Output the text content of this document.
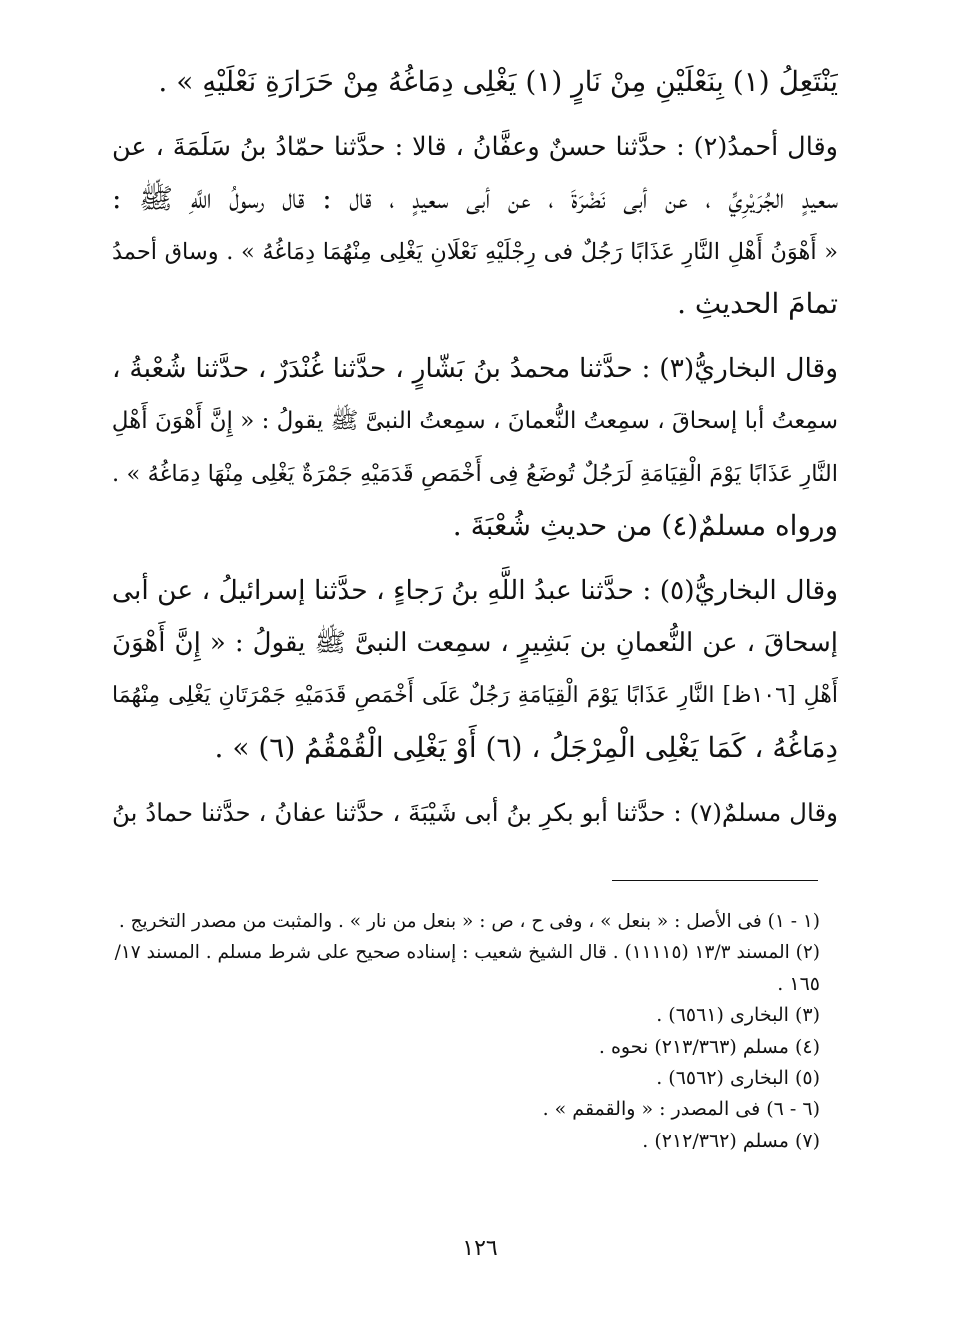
يَنْتَعِلُ (١) بِنَعْلَيْنِ مِنْ نَارٍ (١) يَغْلِى دِمَاغُهُ مِنْ حَرَارَةِ نَعْلَيْهِ » .
وقال أحمدُ(٢) : حدَّثنا حسنٌ وعفَّانُ ، قالا : حدَّثنا حمّادُ بنُ سَلَمَةَ ، عن
سعيدٍ الجُرَيْرِيِّ ، عن أبى نَضْرَةَ ، عن أبى سعيدٍ ، قال : قال رسولُ اللَّهِ ﷺ :
« أَهْوَنُ أَهْلِ النَّارِ عَذَابًا رَجُلٌ فى رِجْلَيْهِ نَعْلَانِ يَغْلِى مِنْهُمَا دِمَاغُهُ » . وساق أحمدُ
تمامَ الحديثِ .
وقال البخاريُّ(٣) : حدَّثنا محمدُ بنُ بَشّارٍ ، حدَّثنا غُنْدَرٌ ، حدَّثنا شُعْبةُ ،
سمِعتُ أبا إسحاقَ ، سمِعتُ النُّعمانَ ، سمِعتُ النبىَّ ﷺ يقولُ : « إِنَّ أَهْوَنَ أَهْلِ
النَّارِ عَذَابًا يَوْمَ الْقِيَامَةِ لَرَجُلٌ تُوضَعُ فِى أَخْمَصِ قَدَمَيْهِ جَمْرَةٌ يَغْلِى مِنْهَا دِمَاغُهُ » .
ورواه مسلمٌ(٤) من حديثِ شُعْبَةَ .
وقال البخاريُّ(٥) : حدَّثنا عبدُ اللَّهِ بنُ رَجاءٍ ، حدَّثنا إسرائيلُ ، عن أبى
إسحاقَ ، عن النُّعمانِ بن بَشِيرٍ ، سمِعت النبىَّ ﷺ يقولُ : « إِنَّ أَهْوَنَ
أَهْلِ [١٠٦ظ] النَّارِ عَذَابًا يَوْمَ الْقِيَامَةِ رَجُلٌ عَلَى أَخْمَصِ قَدَمَيْهِ جَمْرَتَانِ يَغْلِى مِنْهُمَا
دِمَاغُهُ ، كَمَا يَغْلِى الْمِرْجَلُ ، (٦) أَوْ يَغْلِى الْقُمْقُمُ (٦) » .
وقال مسلمٌ(٧) : حدَّثنا أبو بكرِ بنُ أبى شَيْبَةَ ، حدَّثنا عفانُ ، حدَّثنا حمادُ بنُ
(١ - ١) فى الأصل : « بنعل » ، وفى ح ، ص : « بنعل من نار » . والمثبت من مصدر التخريج .
(٢) المسند ١٣/٣ (١١١١٥) . قال الشيخ شعيب : إسناده صحيح على شرط مسلم . المسند ١٧/
١٦٥ .
(٣) البخارى (٦٥٦١) .
(٤) مسلم (٢١٣/٣٦٣) نحوه .
(٥) البخارى (٦٥٦٢) .
(٦ - ٦) فى المصدر : « والقمقم » .
(٧) مسلم (٢١٢/٣٦٢) .
١٢٦
